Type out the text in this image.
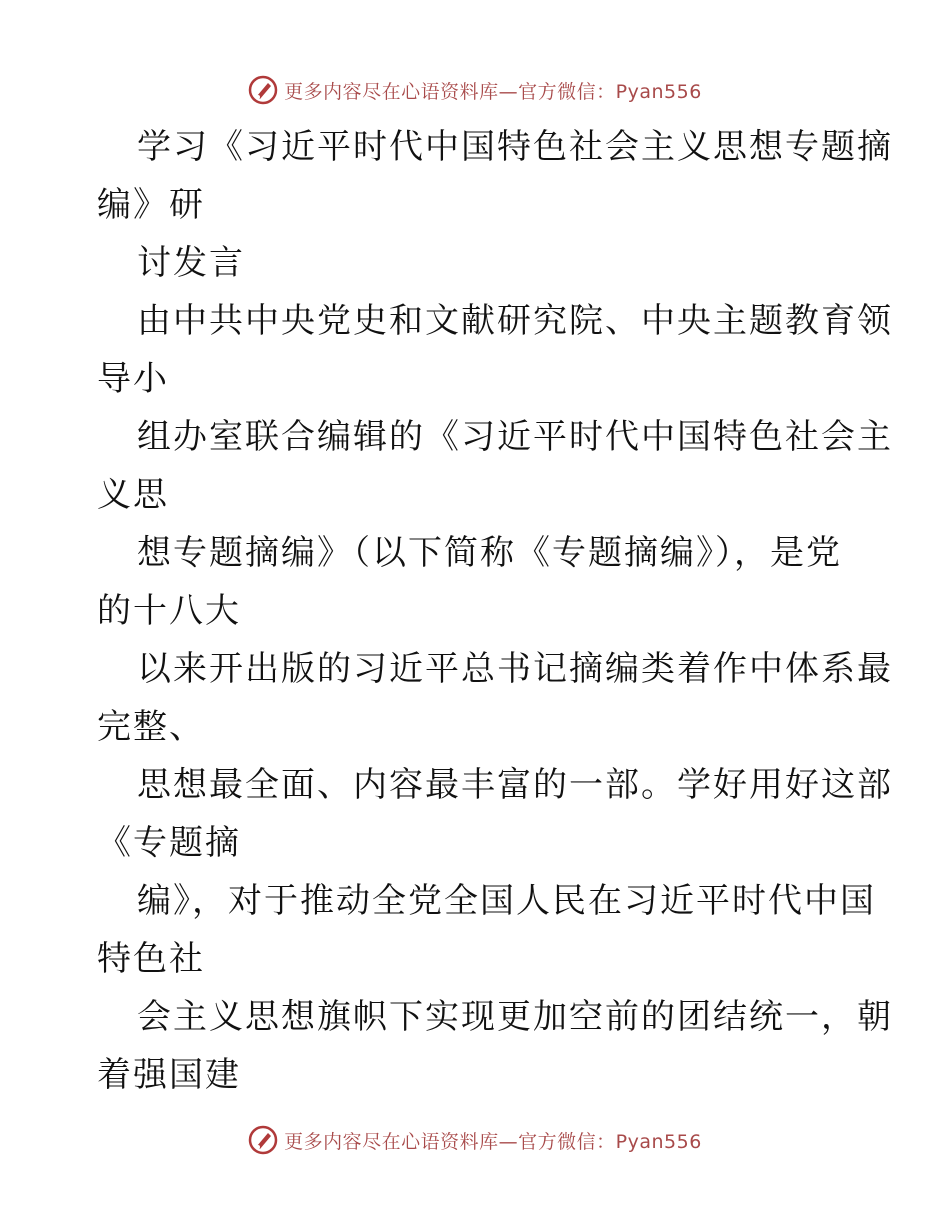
更多内容尽在心语资料库—官方微信：Pyan556
学习《习近平时代中国特色社会主义思想专题摘
编》研
讨发言
由中共中央党史和文献研究院、中央主题教育领
导小
组办室联合编辑的《习近平时代中国特色社会主
义思
想专题摘编》（以下简称《专题摘编》），是党
的十八大
以来开出版的习近平总书记摘编类着作中体系最
完整、
思想最全面、内容最丰富的一部。学好用好这部
《专题摘
编》，对于推动全党全国人民在习近平时代中国
特色社
会主义思想旗帜下实现更加空前的团结统一，朝
着强国建
更多内容尽在心语资料库—官方微信：Pyan556
